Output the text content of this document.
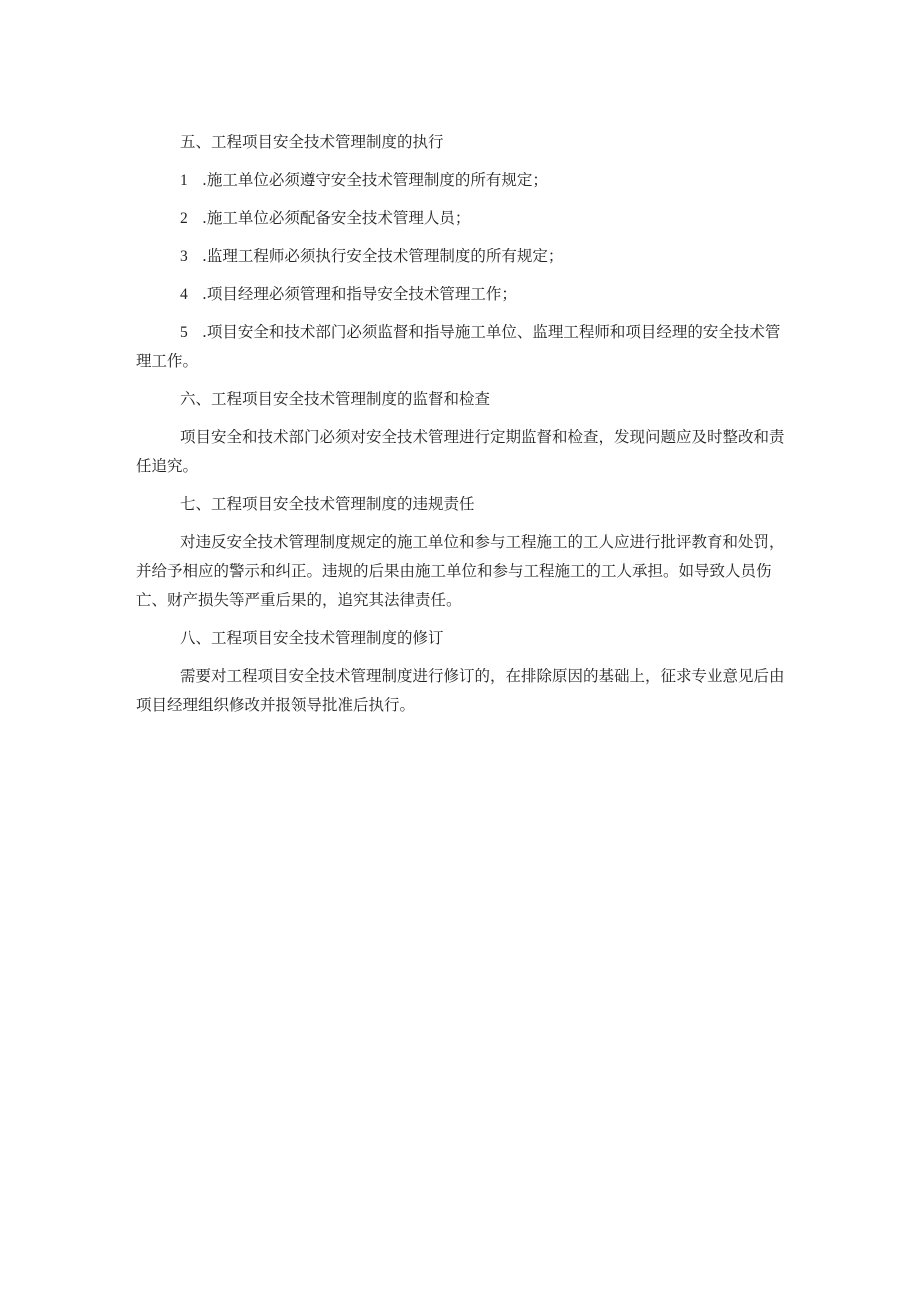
五、工程项目安全技术管理制度的执行

1 .施工单位必须遵守安全技术管理制度的所有规定；

2 .施工单位必须配备安全技术管理人员；

3 .监理工程师必须执行安全技术管理制度的所有规定；

4 .项目经理必须管理和指导安全技术管理工作；

5 .项目安全和技术部门必须监督和指导施工单位、监理工程师和项目经理的安全技术管理工作。

六、工程项目安全技术管理制度的监督和检查

项目安全和技术部门必须对安全技术管理进行定期监督和检查，发现问题应及时整改和责任追究。

七、工程项目安全技术管理制度的违规责任

对违反安全技术管理制度规定的施工单位和参与工程施工的工人应进行批评教育和处罚，并给予相应的警示和纠正。违规的后果由施工单位和参与工程施工的工人承担。如导致人员伤亡、财产损失等严重后果的，追究其法律责任。

八、工程项目安全技术管理制度的修订

需要对工程项目安全技术管理制度进行修订的，在排除原因的基础上，征求专业意见后由项目经理组织修改并报领导批准后执行。
